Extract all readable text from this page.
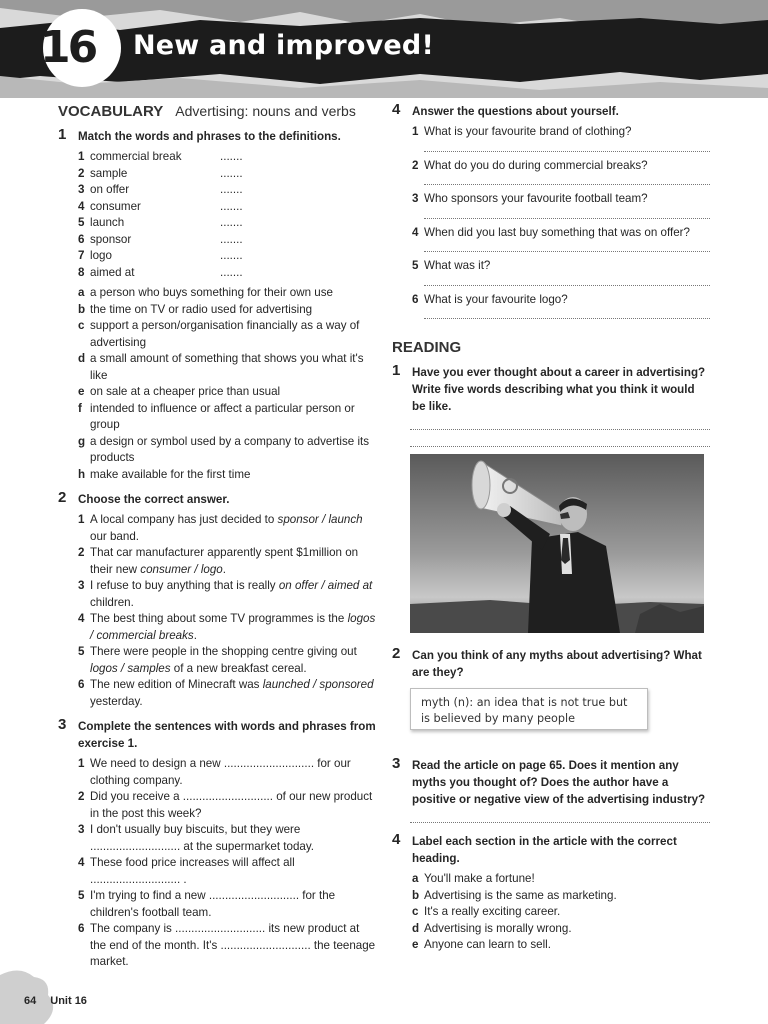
16 New and improved!
VOCABULARY Advertising: nouns and verbs
1 Match the words and phrases to the definitions.
1 commercial break	.......
2 sample	.......
3 on offer	.......
4 consumer	.......
5 launch	.......
6 sponsor	.......
7 logo	.......
8 aimed at	.......
a a person who buys something for their own use
b the time on TV or radio used for advertising
c support a person/organisation financially as a way of advertising
d a small amount of something that shows you what it's like
e on sale at a cheaper price than usual
f intended to influence or affect a particular person or group
g a design or symbol used by a company to advertise its products
h make available for the first time
2 Choose the correct answer.
1 A local company has just decided to sponsor / launch our band.
2 That car manufacturer apparently spent $1million on their new consumer / logo.
3 I refuse to buy anything that is really on offer / aimed at children.
4 The best thing about some TV programmes is the logos / commercial breaks.
5 There were people in the shopping centre giving out logos / samples of a new breakfast cereal.
6 The new edition of Minecraft was launched / sponsored yesterday.
3 Complete the sentences with words and phrases from exercise 1.
1 We need to design a new ............................ for our clothing company.
2 Did you receive a ............................ of our new product in the post this week?
3 I don't usually buy biscuits, but they were ............................ at the supermarket today.
4 These food price increases will affect all ............................ .
5 I'm trying to find a new ............................ for the children's football team.
6 The company is ............................ its new product at the end of the month. It's ............................ the teenage market.
4 Answer the questions about yourself.
1 What is your favourite brand of clothing?
2 What do you do during commercial breaks?
3 Who sponsors your favourite football team?
4 When did you last buy something that was on offer?
5 What was it?
6 What is your favourite logo?
READING
1 Have you ever thought about a career in advertising? Write five words describing what you think it would be like.
2 Can you think of any myths about advertising? What are they?
myth (n): an idea that is not true but is believed by many people
3 Read the article on page 65. Does it mention any myths you thought of? Does the author have a positive or negative view of the advertising industry?
4 Label each section in the article with the correct heading.
a You'll make a fortune!
b Advertising is the same as marketing.
c It's a really exciting career.
d Advertising is morally wrong.
e Anyone can learn to sell.
64 Unit 16
